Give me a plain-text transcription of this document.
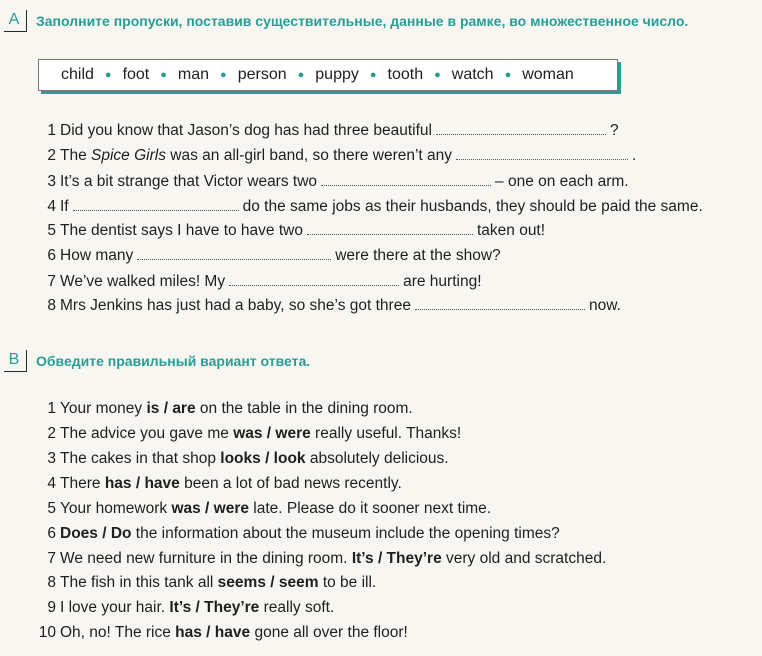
A	Заполните пропуски, поставив существительные, данные в рамке, во множественное число.
child ● foot ● man ● person ● puppy ● tooth ● watch ● woman
1 Did you know that Jason’s dog has had three beautiful	?
2 The
Spice Girls
was an all-girl band, so there weren’t any	.
3 It’s a bit strange that Victor wears two	– one on each arm.
4 If	do the same jobs as their husbands, they should be paid the same.
5 The dentist says I have to have two	taken out!
6 How many	were there at the show?
7 We’ve walked miles! My	are hurting!
8 Mrs Jenkins has just had a baby, so she’s got three	now.
B	Обведите правильный вариант ответа.
1 Your money
is / are
on the table in the dining room.
2 The advice you gave me
was / were
really useful. Thanks!
3 The cakes in that shop
looks / look
absolutely delicious.
4 There
has / have
been a lot of bad news recently.
5 Your homework
was / were
late. Please do it sooner next time.
6 Does / Do
the information about the museum include the opening times?
7 We need new furniture in the dining room.
It’s / They’re
very old and scratched.
8 The fish in this tank all
seems / seem
to be ill.
9 I love your hair.
It’s / They’re
really soft.
10 Oh, no! The rice
has / have
gone all over the floor!
